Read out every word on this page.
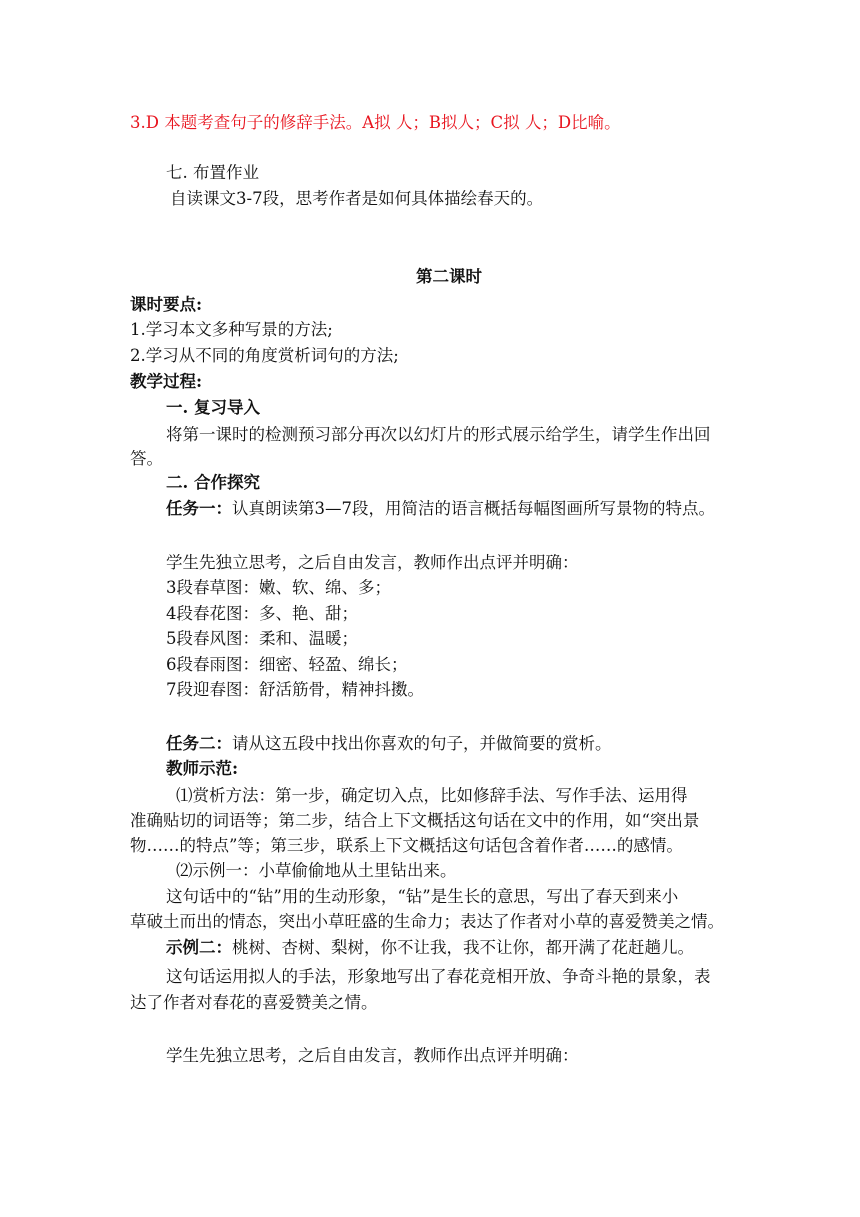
3.D 本题考查句子的修辞手法。A拟 人；B拟人；C拟 人；D比喻。
七. 布置作业
自读课文3-7段，思考作者是如何具体描绘春天的。
第二课时
课时要点:
1.学习本文多种写景的方法;
2.学习从不同的角度赏析词句的方法;
教学过程:
一. 复习导入
将第一课时的检测预习部分再次以幻灯片的形式展示给学生，请学生作出回
答。
二. 合作探究
任务一：认真朗读第3—7段，用简洁的语言概括每幅图画所写景物的特点。
学生先独立思考，之后自由发言，教师作出点评并明确：
3段春草图：嫩、软、绵、多；
4段春花图：多、艳、甜；
5段春风图：柔和、温暖；
6段春雨图：细密、轻盈、绵长；
7段迎春图：舒活筋骨，精神抖擞。
任务二：请从这五段中找出你喜欢的句子，并做简要的赏析。
教师示范:
⑴赏析方法：第一步，确定切入点，比如修辞手法、写作手法、运用得
准确贴切的词语等；第二步，结合上下文概括这句话在文中的作用，如“突出景
物……的特点”等；第三步，联系上下文概括这句话包含着作者……的感情。
⑵示例一：小草偷偷地从土里钻出来。
这句话中的“钻”用的生动形象，“钻”是生长的意思，写出了春天到来小
草破土而出的情态，突出小草旺盛的生命力；表达了作者对小草的喜爱赞美之情。
示例二：桃树、杏树、梨树，你不让我，我不让你，都开满了花赶趟儿。
这句话运用拟人的手法，形象地写出了春花竞相开放、争奇斗艳的景象，表
达了作者对春花的喜爱赞美之情。
学生先独立思考，之后自由发言，教师作出点评并明确：
